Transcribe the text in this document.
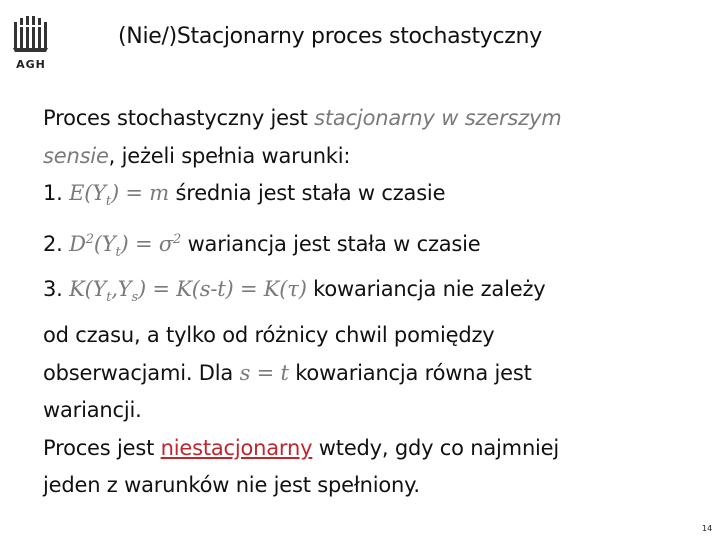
AGH
(Nie/)Stacjonarny proces stochastyczny

Proces stochastyczny jest stacjonarny w szerszym

sensie, jeżeli spełnia warunki:

1. $E(Y_t) = m$ średnia jest stała w czasie

2. $D^2(Y_t) = \sigma^2$ wariancja jest stała w czasie

3. $K(Y_t,Y_s) = K(s-t) = K(\tau)$ kowariancja nie zależy

od czasu, a tylko od różnicy chwil pomiędzy

obserwacjami. Dla s = t kowariancja równa jest

wariancji.

Proces jest niestacjonarny wtedy, gdy co najmniej

jeden z warunków nie jest spełniony.

14
